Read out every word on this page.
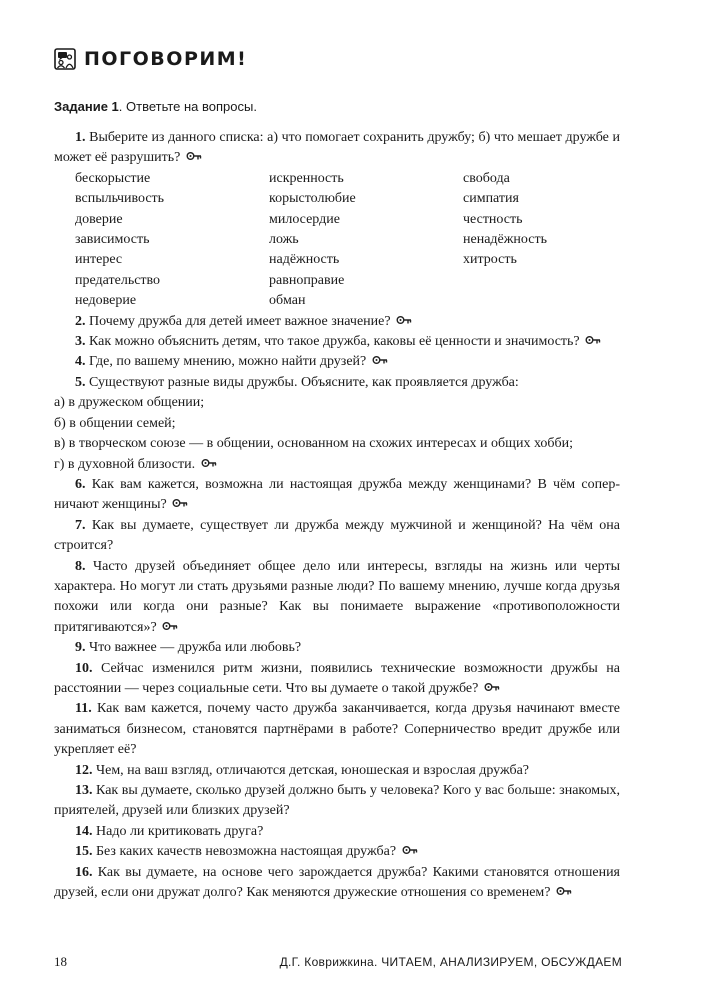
ПОГОВОРИМ!
Задание 1. Ответьте на вопросы.

1. Выберите из данного списка: а) что помогает сохранить дружбу; б) что мешает дружбе и может её разрушить?

бескорыстие	искренность	свобода
вспыльчивость	корыстолюбие	симпатия
доверие	милосердие	честность
зависимость	ложь	ненадёжность
интерес	надёжность	хитрость
предательство	равноправие
недоверие	обман

2. Почему дружба для детей имеет важное значение?

3. Как можно объяснить детям, что такое дружба, каковы её ценности и значимость?

4. Где, по вашему мнению, можно найти друзей?

5. Существуют разные виды дружбы. Объясните, как проявляется дружба:

а) в дружеском общении;

б) в общении семей;

в) в творческом союзе — в общении, основанном на схожих интересах и общих хобби;

г) в духовной близости.

6. Как вам кажется, возможна ли настоящая дружба между женщинами? В чём соперничают женщины?

7. Как вы думаете, существует ли дружба между мужчиной и женщиной? На чём она строится?

8. Часто друзей объединяет общее дело или интересы, взгляды на жизнь или черты характера. Но могут ли стать друзьями разные люди? По вашему мнению, лучше когда друзья похожи или когда они разные? Как вы понимаете выражение «противоположности притягиваются»?

9. Что важнее — дружба или любовь?

10. Сейчас изменился ритм жизни, появились технические возможности дружбы на расстоянии — через социальные сети. Что вы думаете о такой дружбе?

11. Как вам кажется, почему часто дружба заканчивается, когда друзья начинают вместе заниматься бизнесом, становятся партнёрами в работе? Соперничество вредит дружбе или укрепляет её?

12. Чем, на ваш взгляд, отличаются детская, юношеская и взрослая дружба?

13. Как вы думаете, сколько друзей должно быть у человека? Кого у вас больше: знакомых, приятелей, друзей или близких друзей?

14. Надо ли критиковать друга?

15. Без каких качеств невозможна настоящая дружба?

16. Как вы думаете, на основе чего зарождается дружба? Какими становятся отношения друзей, если они дружат долго? Как меняются дружеские отношения со временем?

18	Д.Г. Коврижкина. ЧИТАЕМ, АНАЛИЗИРУЕМ, ОБСУЖДАЕМ
